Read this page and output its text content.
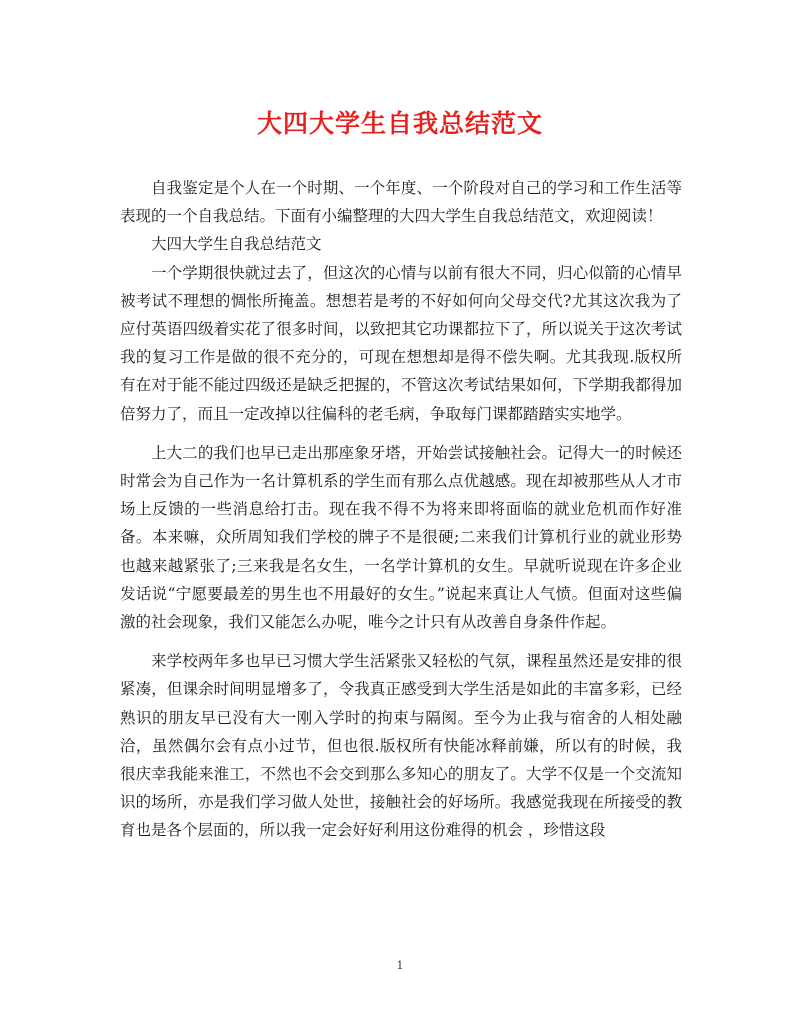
大四大学生自我总结范文

自我鉴定是个人在一个时期、一个年度、一个阶段对自己的学习和工作生活等表现的一个自我总结。下面有小编整理的大四大学生自我总结范文，欢迎阅读！

大四大学生自我总结范文

一个学期很快就过去了，但这次的心情与以前有很大不同，归心似箭的心情早被考试不理想的惆怅所掩盖。想想若是考的不好如何向父母交代?尤其这次我为了应付英语四级着实花了很多时间，以致把其它功课都拉下了，所以说关于这次考试我的复习工作是做的很不充分的，可现在想想却是得不偿失啊。尤其我现.版权所有在对于能不能过四级还是缺乏把握的，不管这次考试结果如何，下学期我都得加倍努力了，而且一定改掉以往偏科的老毛病，争取每门课都踏踏实实地学。

上大二的我们也早已走出那座象牙塔，开始尝试接触社会。记得大一的时候还时常会为自己作为一名计算机系的学生而有那么点优越感。现在却被那些从人才市场上反馈的一些消息给打击。现在我不得不为将来即将面临的就业危机而作好准备。本来嘛，众所周知我们学校的牌子不是很硬;二来我们计算机行业的就业形势也越来越紧张了;三来我是名女生，一名学计算机的女生。早就听说现在许多企业发话说“宁愿要最差的男生也不用最好的女生。”说起来真让人气愤。但面对这些偏激的社会现象，我们又能怎么办呢，唯今之计只有从改善自身条件作起。

来学校两年多也早已习惯大学生活紧张又轻松的气氛，课程虽然还是安排的很紧凑，但课余时间明显增多了，令我真正感受到大学生活是如此的丰富多彩，已经熟识的朋友早已没有大一刚入学时的拘束与隔阂。至今为止我与宿舍的人相处融洽，虽然偶尔会有点小过节，但也很.版权所有快能冰释前嫌，所以有的时候，我很庆幸我能来淮工，不然也不会交到那么多知心的朋友了。大学不仅是一个交流知识的场所，亦是我们学习做人处世，接触社会的好场所。我感觉我现在所接受的教育也是各个层面的，所以我一定会好好利用这份难得的机会 ，珍惜这段

1
